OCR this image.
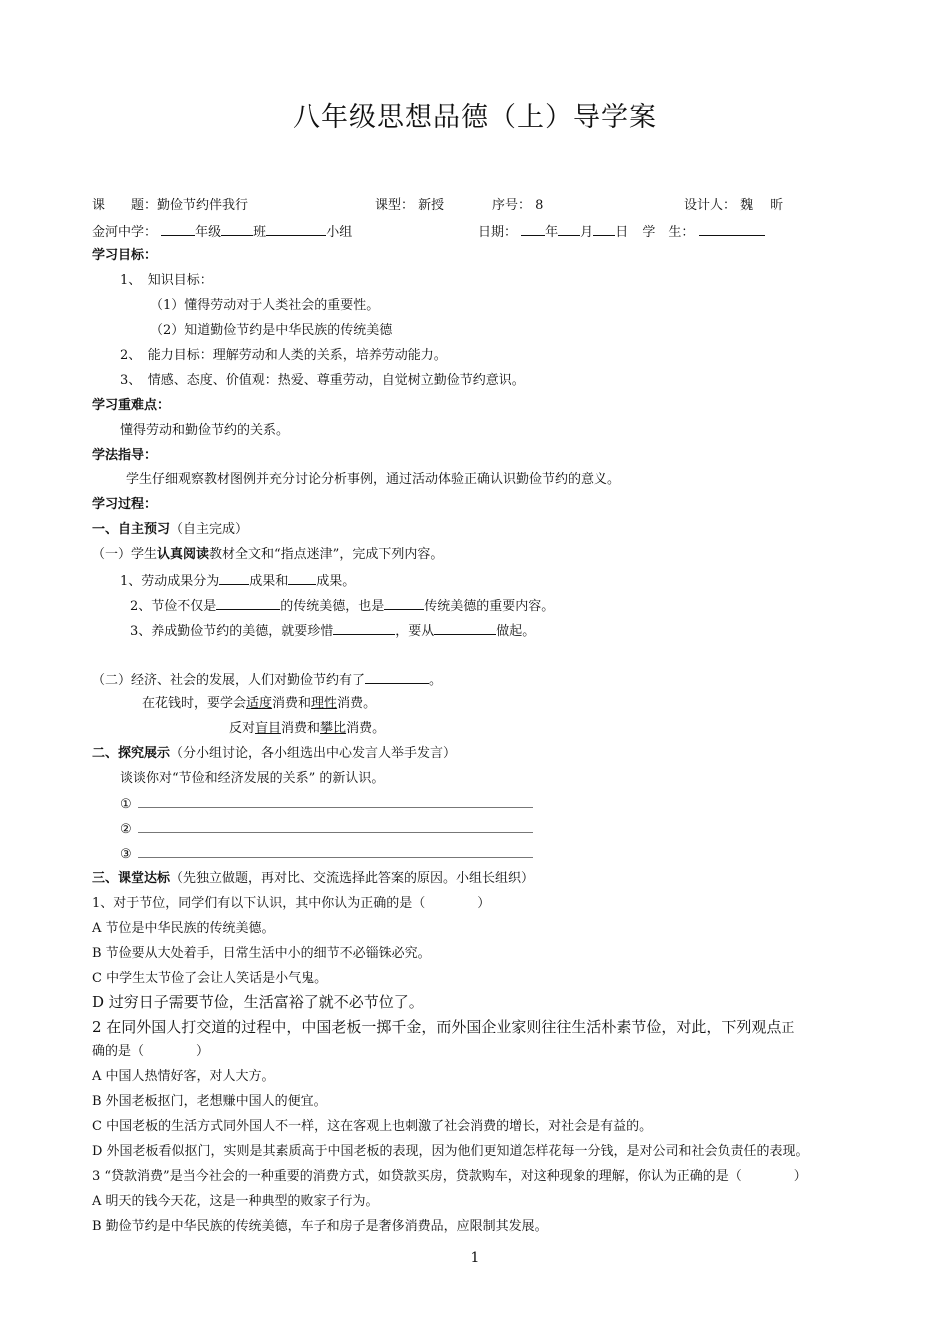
八年级思想品德（上）导学案
课　　题：勤俭节约伴我行	课型： 新授	序号： 8	设计人： 魏　 昕
金河中学：	年级 班	小组	日期： 年 月 日 学　生：
学习目标：
1、　知识目标：
（1）懂得劳动对于人类社会的重要性。
（2）知道勤俭节约是中华民族的传统美德
2、　能力目标：理解劳动和人类的关系，培养劳动能力。
3、　情感、态度、价值观：热爱、尊重劳动，自觉树立勤俭节约意识。
学习重难点：
懂得劳动和勤俭节约的关系。
学法指导：
学生仔细观察教材图例并充分讨论分析事例，通过活动体验正确认识勤俭节约的意义。
学习过程：
一、自主预习（自主完成）
（一）学生认真阅读教材全文和“指点迷津”，完成下列内容。
1、劳动成果分为 成果和 成果。
2、节俭不仅是	的传统美德，也是	传统美德的重要内容。
3、养成勤俭节约的美德，就要珍惜	，要从	做起。
（二）经济、社会的发展，人们对勤俭节约有了	。
在花钱时，要学会适度消费和理性消费。
反对盲目消费和攀比消费。
二、探究展示（分小组讨论，各小组选出中心发言人举手发言）
谈谈你对“节俭和经济发展的关系” 的新认识。
①
②
③
三、课堂达标（先独立做题，再对比、交流选择此答案的原因。小组长组织）
1、对于节位，同学们有以下认识，其中你认为正确的是（　　　　）
A 节位是中华民族的传统美德。
B 节俭要从大处着手，日常生活中小的细节不必锱铢必究。
C 中学生太节俭了会让人笑话是小气鬼。
D 过穷日子需要节俭，生活富裕了就不必节位了。
2 在同外国人打交道的过程中，中国老板一掷千金，而外国企业家则往往生活朴素节俭，对此，下列观点正
确的是（　　　　）
A 中国人热情好客，对人大方。
B 外国老板抠门，老想赚中国人的便宜。
C 中国老板的生活方式同外国人不一样，这在客观上也刺激了社会消费的增长，对社会是有益的。
D 外国老板看似抠门，实则是其素质高于中国老板的表现，因为他们更知道怎样花每一分钱，是对公司和社会负责任的表现。
3 “贷款消费”是当今社会的一种重要的消费方式，如贷款买房，贷款购车，对这种现象的理解，你认为正确的是（　　　　）
A 明天的钱今天花，这是一种典型的败家子行为。
B 勤俭节约是中华民族的传统美德，车子和房子是奢侈消费品，应限制其发展。
1
